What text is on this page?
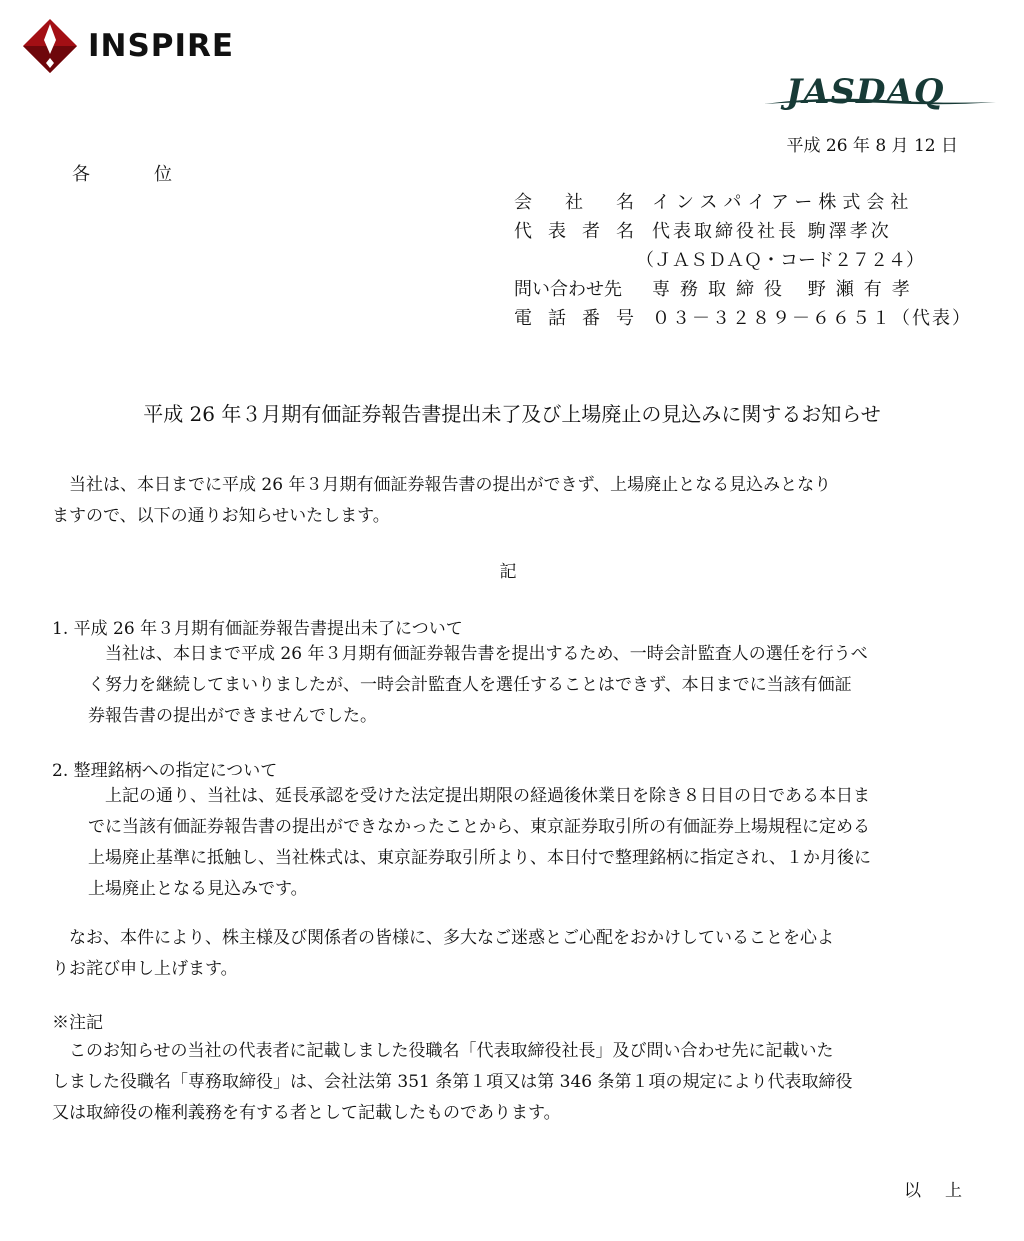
INSPIRE
JASDAQ
平成 26 年 8 月 12 日
各	位
会社名 インスパイアー株式会社
代表者名 代表取締役社長 駒澤孝次
（ＪＡＳＤＡＱ・コード２７２４）
問い合わせ先 専務取締役 野瀬有孝
電話番号 ０３－３２８９－６６５１（代表）
平成 26 年３月期有価証券報告書提出未了及び上場廃止の見込みに関するお知らせ
　当社は、本日までに平成 26 年３月期有価証券報告書の提出ができず、上場廃止となる見込みとなり
ますので、以下の通りお知らせいたします。
記
1. 平成 26 年３月期有価証券報告書提出未了について
　当社は、本日まで平成 26 年３月期有価証券報告書を提出するため、一時会計監査人の選任を行うべ
く努力を継続してまいりましたが、一時会計監査人を選任することはできず、本日までに当該有価証
券報告書の提出ができませんでした。
2. 整理銘柄への指定について
　上記の通り、当社は、延長承認を受けた法定提出期限の経過後休業日を除き８日目の日である本日ま
でに当該有価証券報告書の提出ができなかったことから、東京証券取引所の有価証券上場規程に定める
上場廃止基準に抵触し、当社株式は、東京証券取引所より、本日付で整理銘柄に指定され、１か月後に
上場廃止となる見込みです。
　なお、本件により、株主様及び関係者の皆様に、多大なご迷惑とご心配をおかけしていることを心よ
りお詫び申し上げます。
※注記
　このお知らせの当社の代表者に記載しました役職名「代表取締役社長」及び問い合わせ先に記載いた
しました役職名「専務取締役」は、会社法第 351 条第１項又は第 346 条第１項の規定により代表取締役
又は取締役の権利義務を有する者として記載したものであります。
以 上
